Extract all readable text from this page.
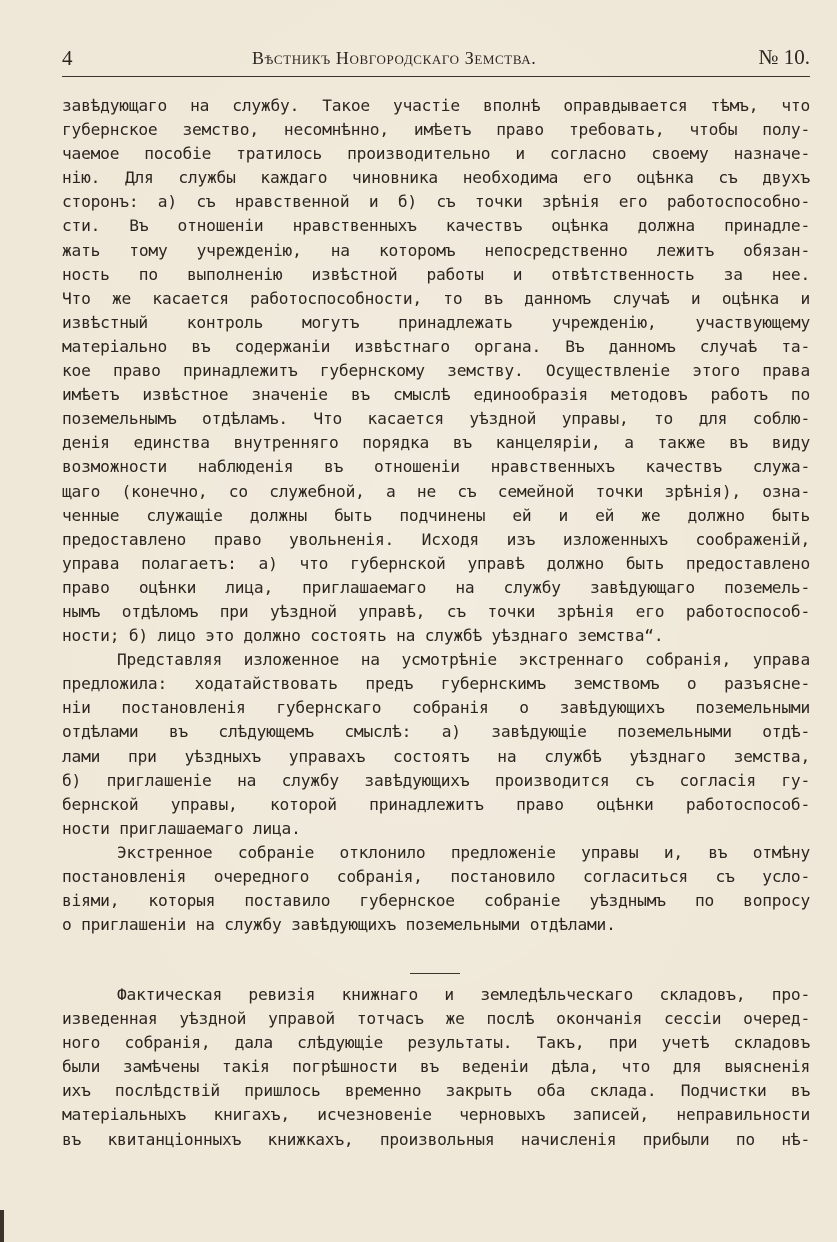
4	Вѣстникъ Новгородскаго Земства.	№ 10.
завѣдующаго на службу. Такое участіе вполнѣ оправдывается тѣмъ, что
губернское земство, несомнѣнно, имѣетъ право требовать, чтобы полу-
чаемое пособіе тратилось производительно и согласно своему назначе-
нію. Для службы каждаго чиновника необходима его оцѣнка съ двухъ
сторонъ: а) съ нравственной и б) съ точки зрѣнія его работоспособно-
сти. Въ отношеніи нравственныхъ качествъ оцѣнка должна принадле-
жать тому учрежденію, на которомъ непосредственно лежитъ обязан-
ность по выполненію извѣстной работы и отвѣтственность за нее.
Что же касается работоспособности, то въ данномъ случаѣ и оцѣнка и
извѣстный контроль могутъ принадлежать учрежденію, участвующему
матеріально въ содержаніи извѣстнаго органа. Въ данномъ случаѣ та-
кое право принадлежитъ губернскому земству. Осуществленіе этого права
имѣетъ извѣстное значеніе въ смыслѣ единообразія методовъ работъ по
поземельнымъ отдѣламъ. Что касается уѣздной управы, то для соблю-
денія единства внутренняго порядка въ канцеляріи, а также въ виду
возможности наблюденія въ отношеніи нравственныхъ качествъ служа-
щаго (конечно, со служебной, а не съ семейной точки зрѣнія), озна-
ченные служащіе должны быть подчинены ей и ей же должно быть
предоставлено право увольненія. Исходя изъ изложенныхъ соображеній,
управа полагаетъ: а) что губернской управѣ должно быть предоставлено
право оцѣнки лица, приглашаемаго на службу завѣдующаго поземель-
нымъ отдѣломъ при уѣздной управѣ, съ точки зрѣнія его работоспособ-
ности; б) лицо это должно состоять на службѣ уѣзднаго земства“.
Представляя изложенное на усмотрѣніе экстреннаго собранія, управа
предложила: ходатайствовать предъ губернскимъ земствомъ о разъясне-
ніи постановленія губернскаго собранія о завѣдующихъ поземельными
отдѣлами въ слѣдующемъ смыслѣ: а) завѣдующіе поземельными отдѣ-
лами при уѣздныхъ управахъ состоятъ на службѣ уѣзднаго земства,
б) приглашеніе на службу завѣдующихъ производится съ согласія гу-
бернской управы, которой принадлежитъ право оцѣнки работоспособ-
ности приглашаемаго лица.
Экстренное собраніе отклонило предложеніе управы и, въ отмѣну
постановленія очередного собранія, постановило согласиться съ усло-
віями, которыя поставило губернское собраніе уѣзднымъ по вопросу
о приглашеніи на службу завѣдующихъ поземельными отдѣлами.
Фактическая ревизія книжнаго и земледѣльческаго складовъ, про-
изведенная уѣздной управой тотчасъ же послѣ окончанія сессіи очеред-
ного собранія, дала слѣдующіе результаты. Такъ, при учетѣ складовъ
были замѣчены такія погрѣшности въ веденіи дѣла, что для выясненія
ихъ послѣдствій пришлось временно закрыть оба склада. Подчистки въ
матеріальныхъ книгахъ, исчезновеніе черновыхъ записей, неправильности
въ квитанціонныхъ книжкахъ, произвольныя начисленія прибыли по нѣ-
